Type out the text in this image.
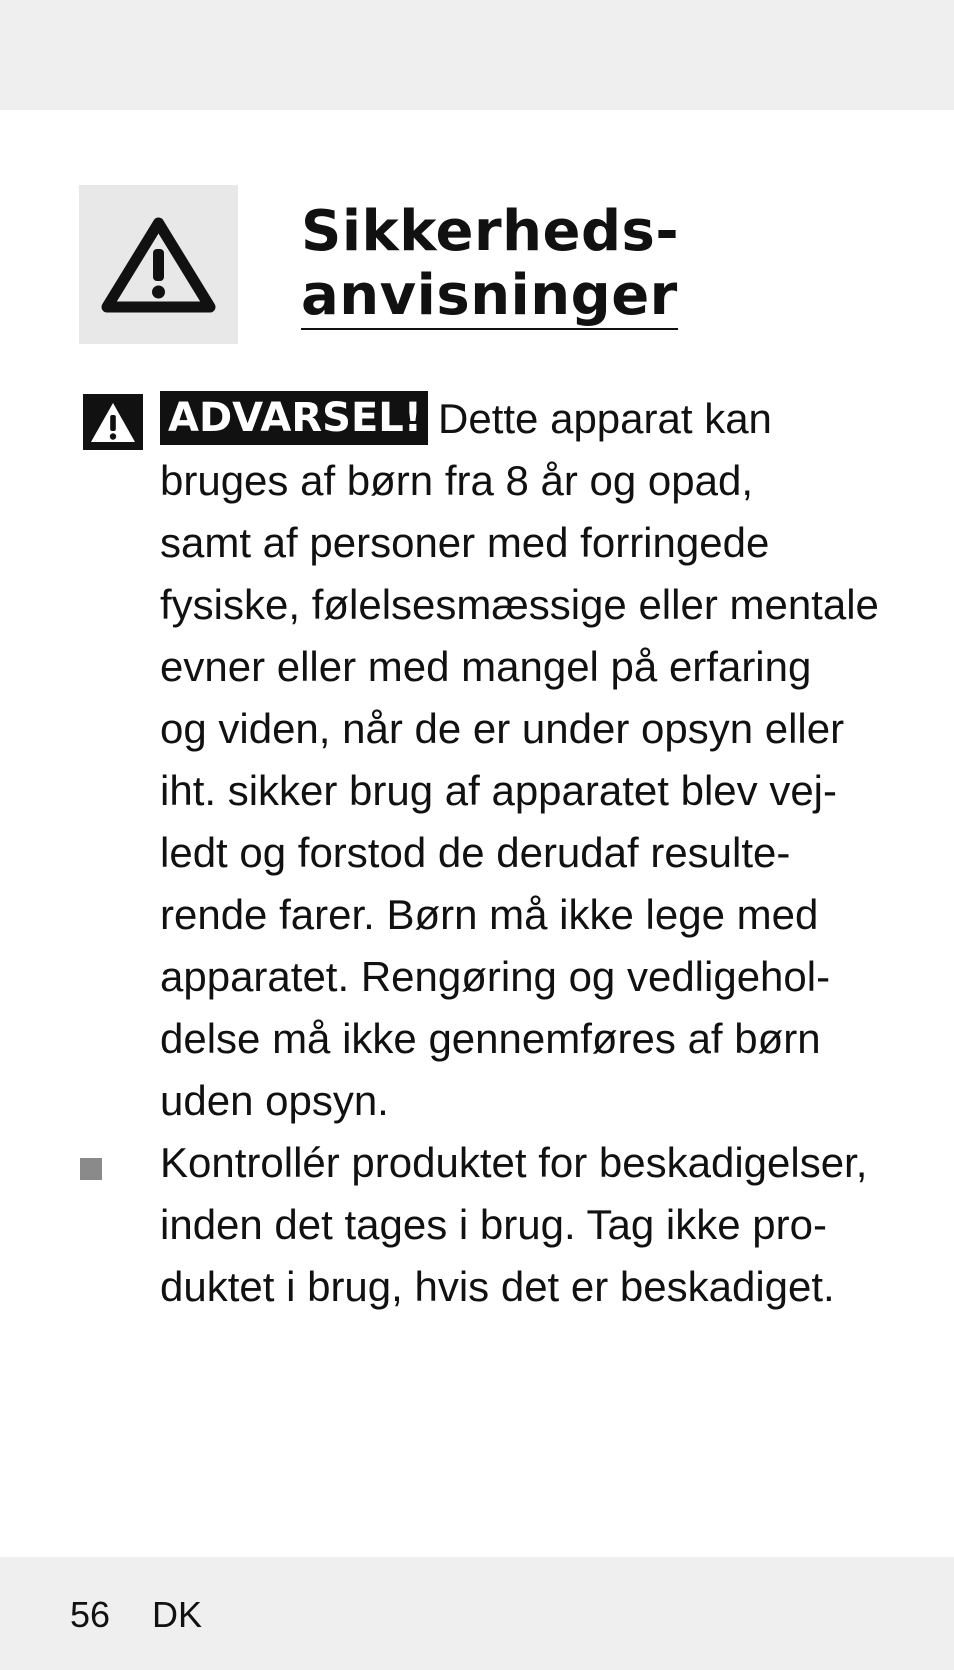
Sikkerheds-
anvisninger

ADVARSEL! Dette apparat kan
bruges af børn fra 8 år og opad,
samt af personer med forringede
fysiske, følelsesmæssige eller mentale
evner eller med mangel på erfaring
og viden, når de er under opsyn eller
iht. sikker brug af apparatet blev vej-
ledt og forstod de derudaf resulte-
rende farer. Børn må ikke lege med
apparatet. Rengøring og vedligehol-
delse må ikke gennemføres af børn
uden opsyn.

Kontrollér produktet for beskadigelser,
inden det tages i brug. Tag ikke pro-
duktet i brug, hvis det er beskadiget.

56 DK
